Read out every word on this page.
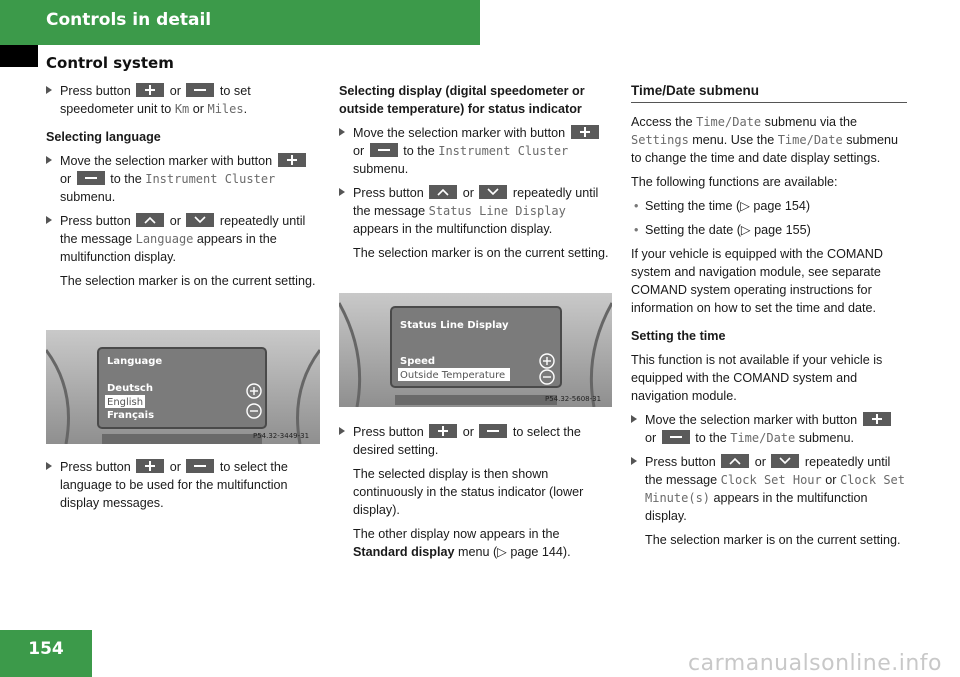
Controls in detail
Control system
Press button	or	to set speedometer unit to Km or Miles.
Selecting language
Move the selection marker with button  or	to the Instrument Cluster submenu.
Press button	or	repeatedly until the message Language appears in the multifunction display.
The selection marker is on the current setting.
Language
Deutsch
English
Français
P54.32-3449-31
Press button	or	to select the language to be used for the multifunction display messages.
Selecting display (digital speedometer or outside temperature) for status indicator
Move the selection marker with button  or	to the Instrument Cluster submenu.
Press button	or	repeatedly until the message Status Line Display appears in the multifunction display.
The selection marker is on the current setting.
Status Line Display
Speed
Outside Temperature
P54.32-5608-31
Press button	or	to select the desired setting.
The selected display is then shown continuously in the status indicator (lower display).
The other display now appears in the Standard display menu (▷ page 144).
Time/Date submenu
Access the Time/Date submenu via the Settings menu. Use the Time/Date submenu to change the time and date display settings.
The following functions are available:
• Setting the time (▷ page 154)
• Setting the date (▷ page 155)
If your vehicle is equipped with the COMAND system and navigation module, see separate COMAND system operating instructions for information on how to set the time and date.
Setting the time
This function is not available if your vehicle is equipped with the COMAND system and navigation module.
Move the selection marker with button  or	to the Time/Date submenu.
Press button	or	repeatedly until the message Clock Set Hour or Clock Set Minute(s) appears in the multifunction display.
The selection marker is on the current setting.
154
carmanualsonline.info
